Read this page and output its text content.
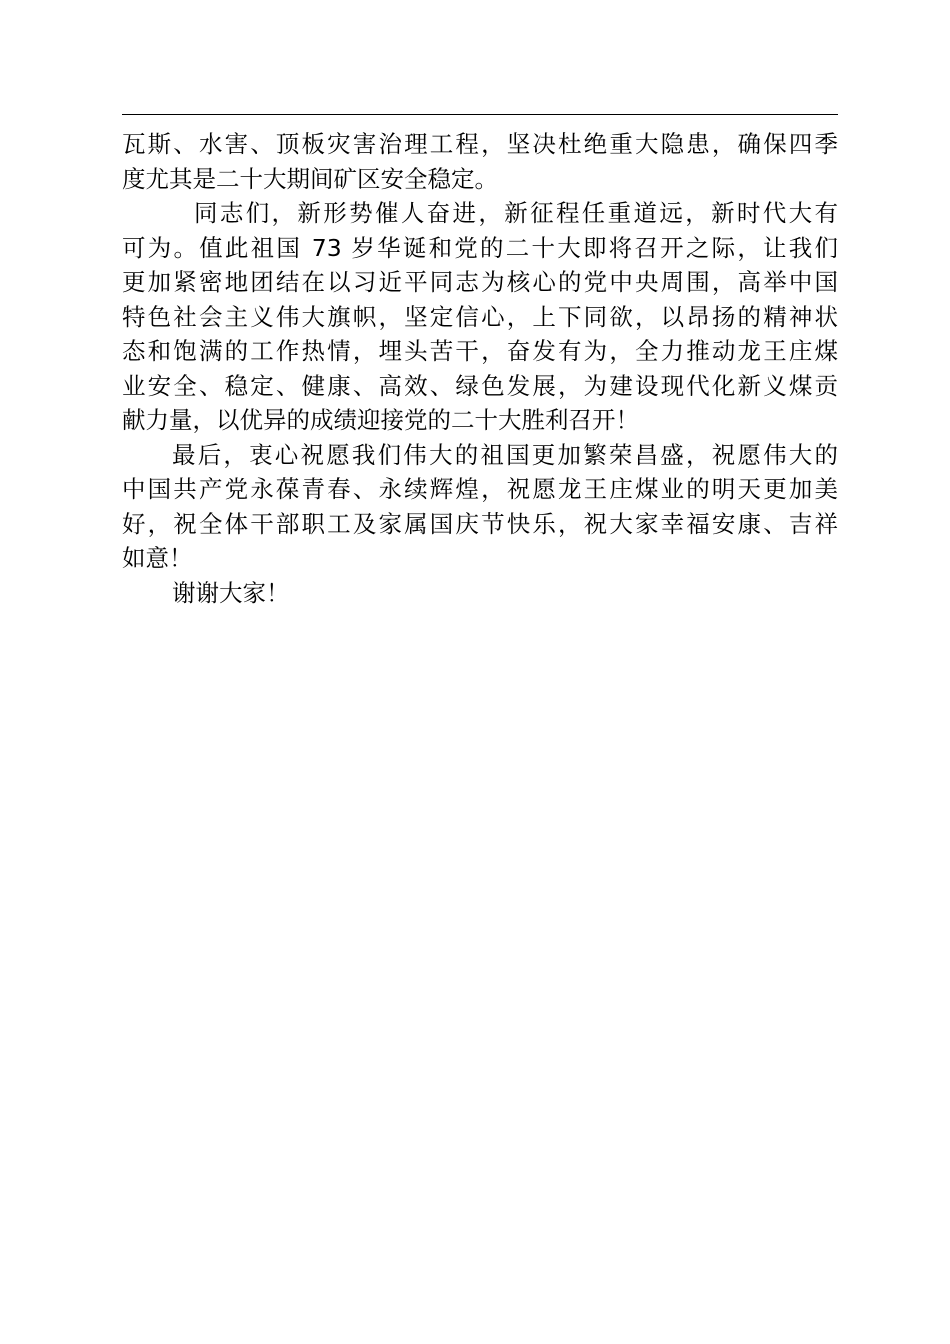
瓦斯、水害、顶板灾害治理工程，坚决杜绝重大隐患，确保四季
度尤其是二十大期间矿区安全稳定。
同志们，新形势催人奋进，新征程任重道远，新时代大有
可为。值此祖国 73 岁华诞和党的二十大即将召开之际，让我们
更加紧密地团结在以习近平同志为核心的党中央周围，高举中国
特色社会主义伟大旗帜，坚定信心，上下同欲，以昂扬的精神状
态和饱满的工作热情，埋头苦干，奋发有为，全力推动龙王庄煤
业安全、稳定、健康、高效、绿色发展，为建设现代化新义煤贡
献力量，以优异的成绩迎接党的二十大胜利召开！
最后，衷心祝愿我们伟大的祖国更加繁荣昌盛，祝愿伟大的
中国共产党永葆青春、永续辉煌，祝愿龙王庄煤业的明天更加美
好，祝全体干部职工及家属国庆节快乐，祝大家幸福安康、吉祥
如意！
谢谢大家！
